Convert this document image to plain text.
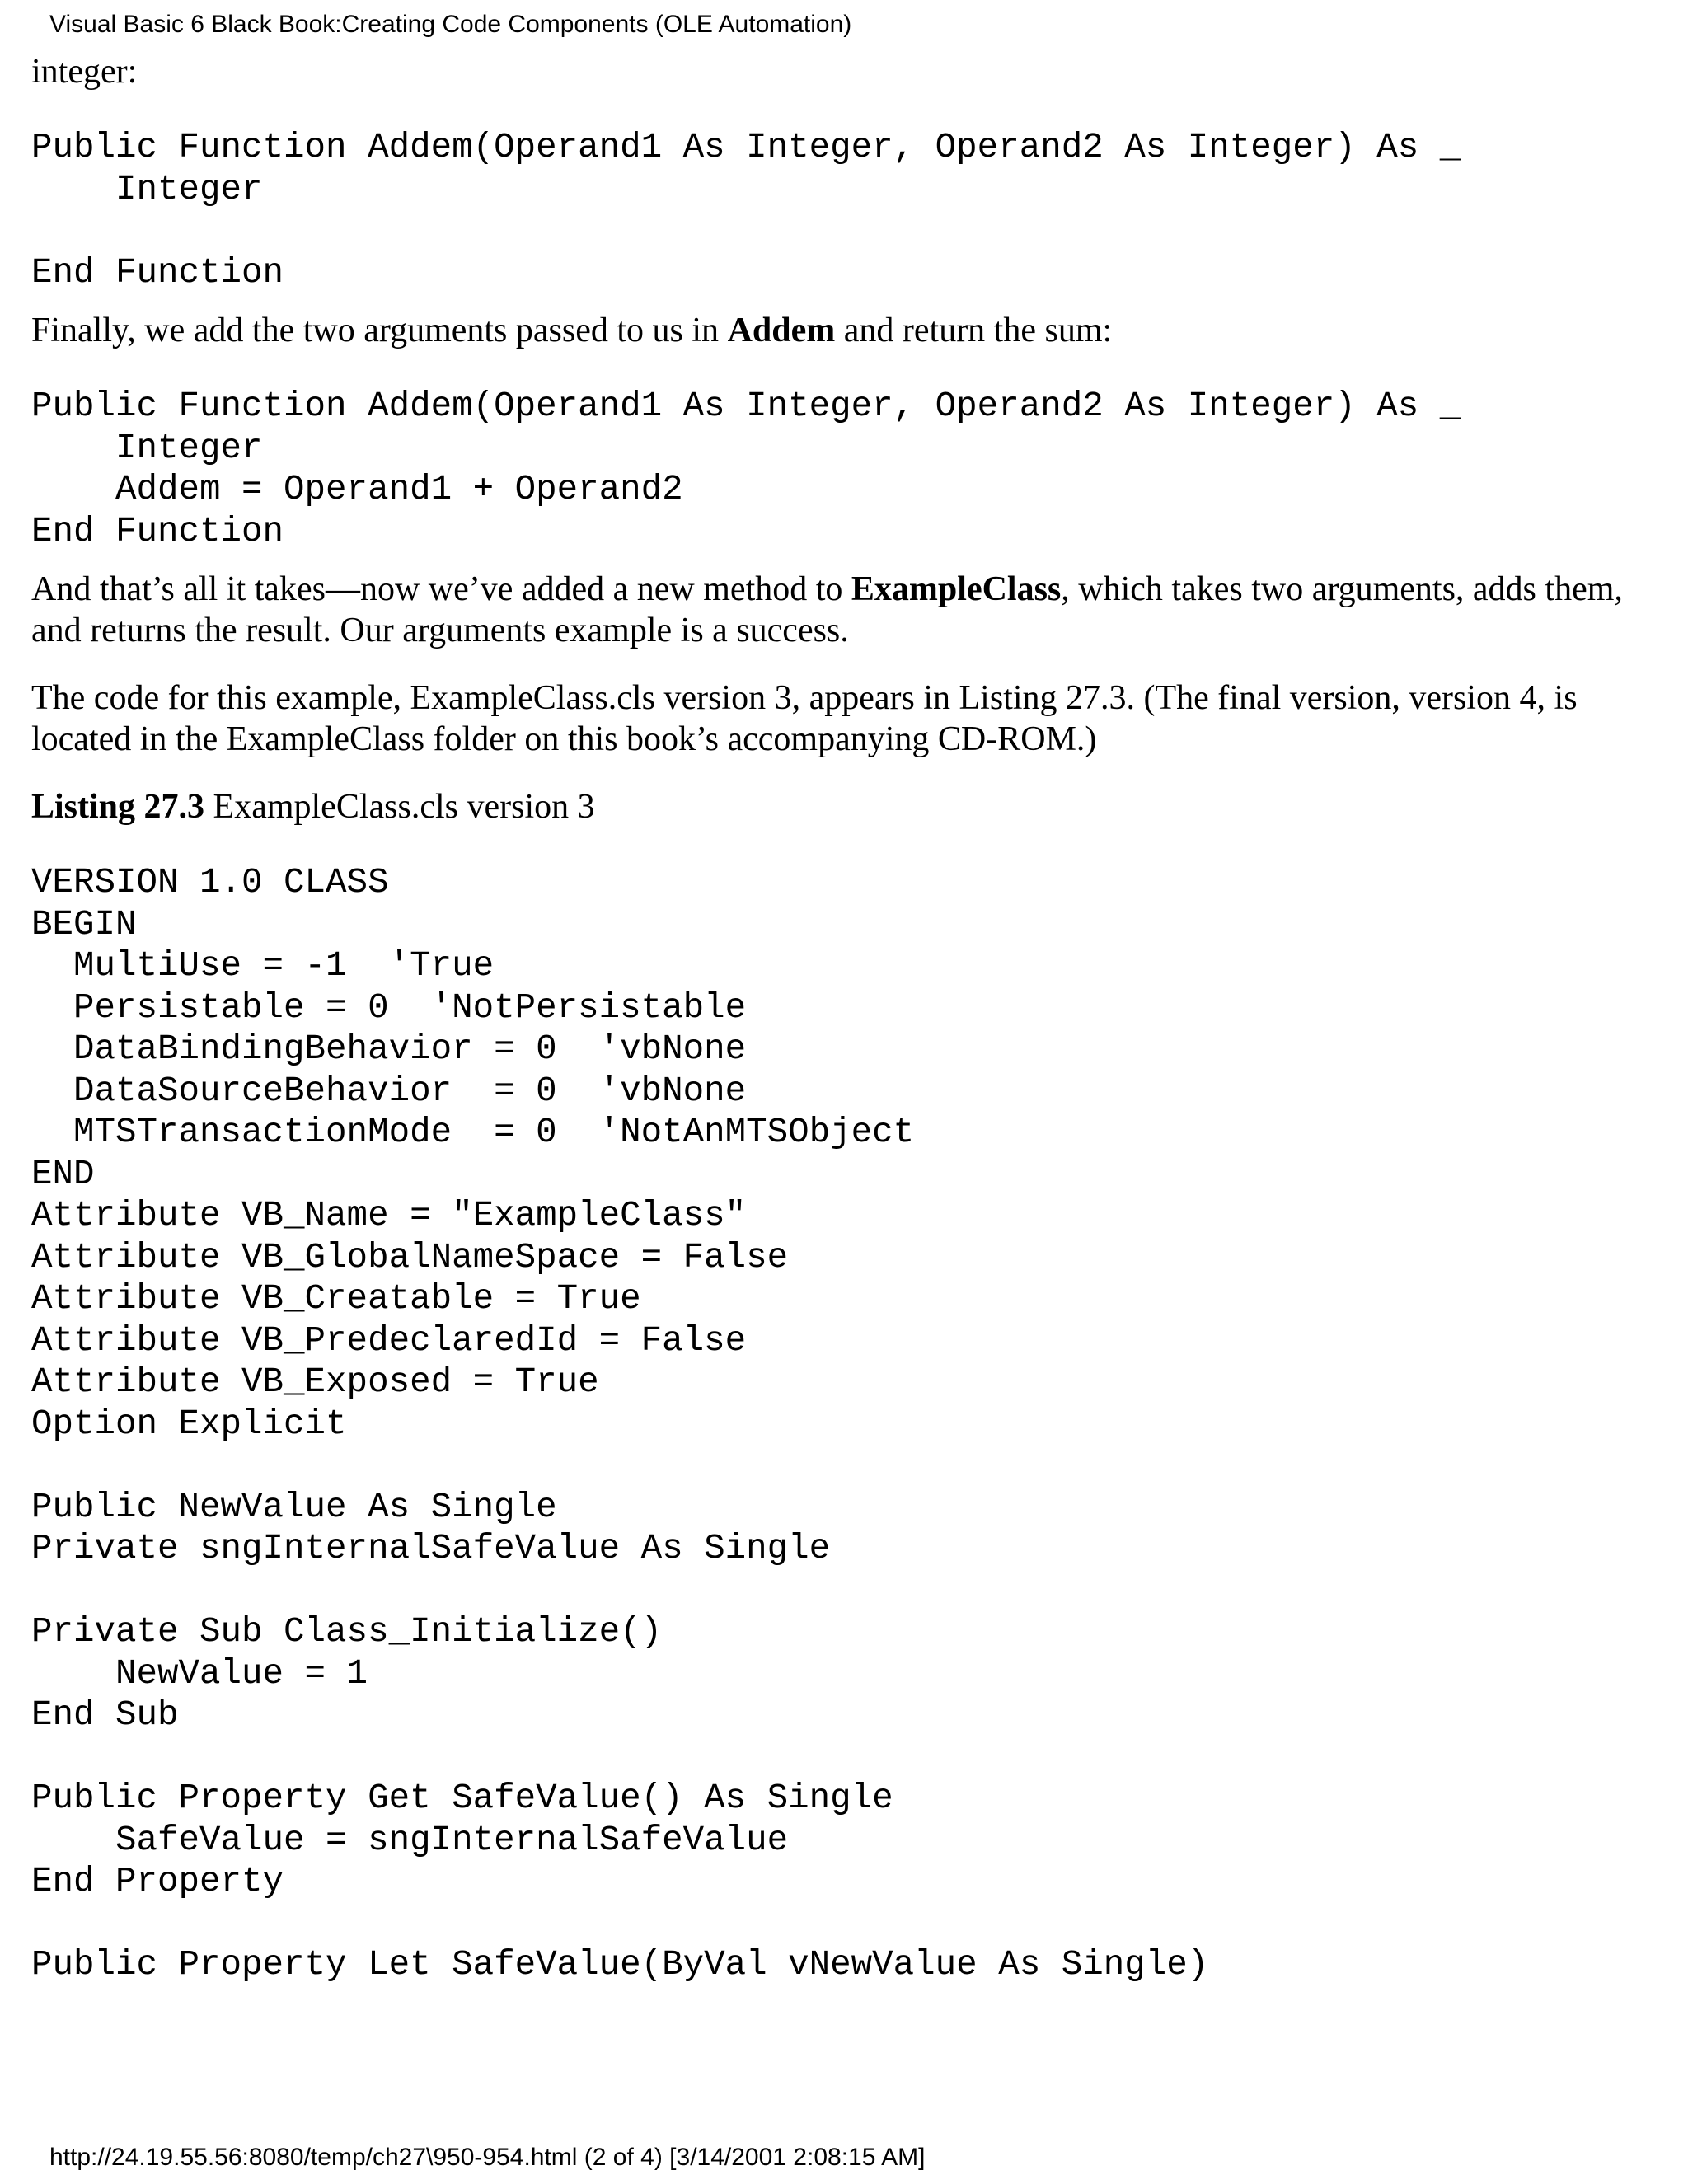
Visual Basic 6 Black Book:Creating Code Components (OLE Automation)

integer:

Public Function Addem(Operand1 As Integer, Operand2 As Integer) As _
Integer

End Function

Finally, we add the two arguments passed to us in Addem and return the sum:

Public Function Addem(Operand1 As Integer, Operand2 As Integer) As _
Integer
Addem = Operand1 + Operand2
End Function

And that’s all it takes—now we’ve added a new method to ExampleClass, which takes two arguments, adds them, and returns the result. Our arguments example is a success.

The code for this example, ExampleClass.cls version 3, appears in Listing 27.3. (The final version, version 4, is located in the ExampleClass folder on this book’s accompanying CD-ROM.)

Listing 27.3 ExampleClass.cls version 3

VERSION 1.0 CLASS
BEGIN
MultiUse = -1  'True
Persistable = 0  'NotPersistable
DataBindingBehavior = 0  'vbNone
DataSourceBehavior  = 0  'vbNone
MTSTransactionMode  = 0  'NotAnMTSObject
END
Attribute VB_Name = "ExampleClass"
Attribute VB_GlobalNameSpace = False
Attribute VB_Creatable = True
Attribute VB_PredeclaredId = False
Attribute VB_Exposed = True
Option Explicit

Public NewValue As Single
Private sngInternalSafeValue As Single

Private Sub Class_Initialize()
NewValue = 1
End Sub

Public Property Get SafeValue() As Single
SafeValue = sngInternalSafeValue
End Property

Public Property Let SafeValue(ByVal vNewValue As Single)
http://24.19.55.56:8080/temp/ch27\950-954.html (2 of 4) [3/14/2001 2:08:15 AM]
